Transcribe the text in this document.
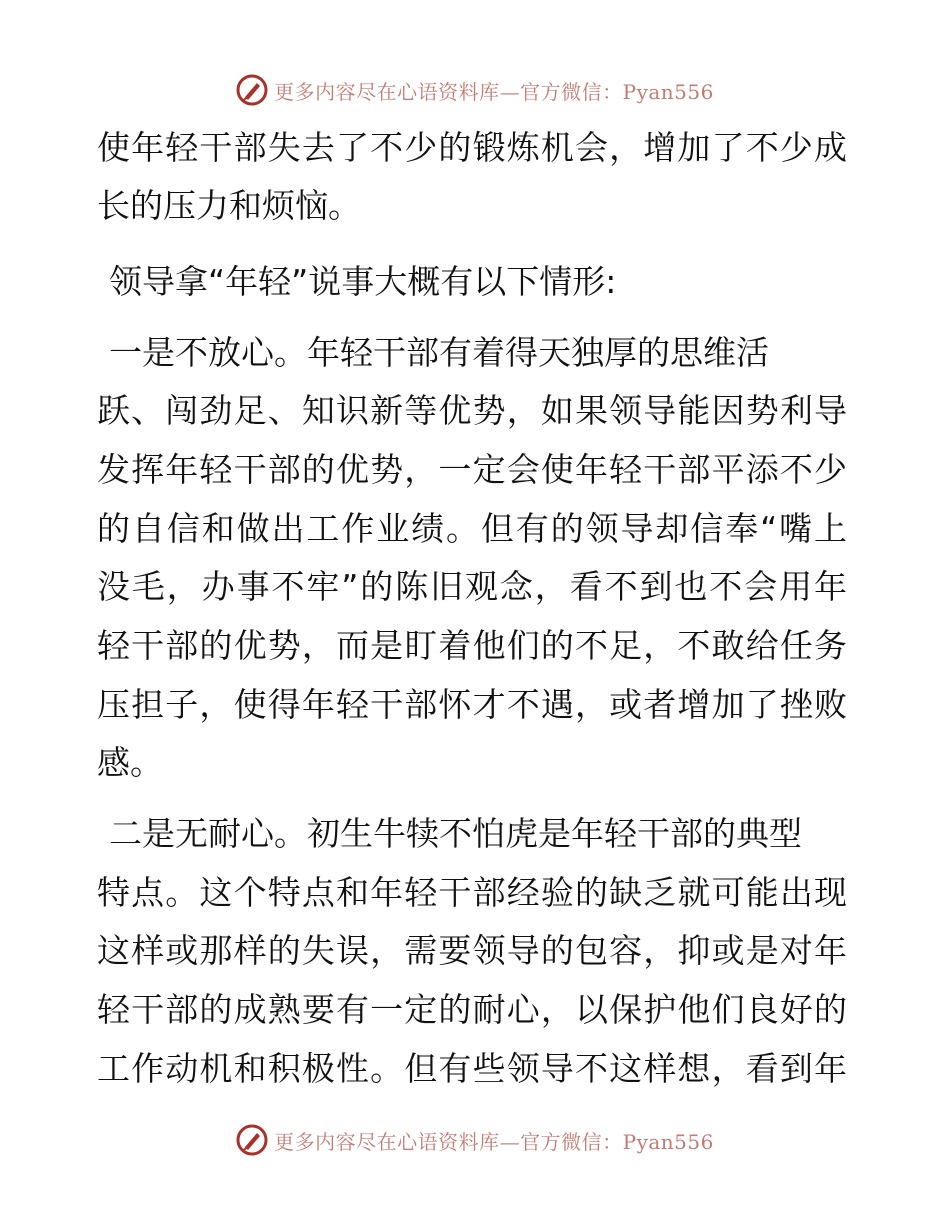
更多内容尽在心语资料库—官方微信：Pyan556
使年轻干部失去了不少的锻炼机会，增加了不少成
长的压力和烦恼。
领导拿“年轻”说事大概有以下情形:
一是不放心。年轻干部有着得天独厚的思维活
跃、闯劲足、知识新等优势，如果领导能因势利导
发挥年轻干部的优势，一定会使年轻干部平添不少
的自信和做出工作业绩。但有的领导却信奉“嘴上
没毛，办事不牢”的陈旧观念，看不到也不会用年
轻干部的优势，而是盯着他们的不足，不敢给任务
压担子，使得年轻干部怀才不遇，或者增加了挫败
感。
二是无耐心。初生牛犊不怕虎是年轻干部的典型
特点。这个特点和年轻干部经验的缺乏就可能出现
这样或那样的失误，需要领导的包容，抑或是对年
轻干部的成熟要有一定的耐心，以保护他们良好的
工作动机和积极性。但有些领导不这样想，看到年
更多内容尽在心语资料库—官方微信：Pyan556
